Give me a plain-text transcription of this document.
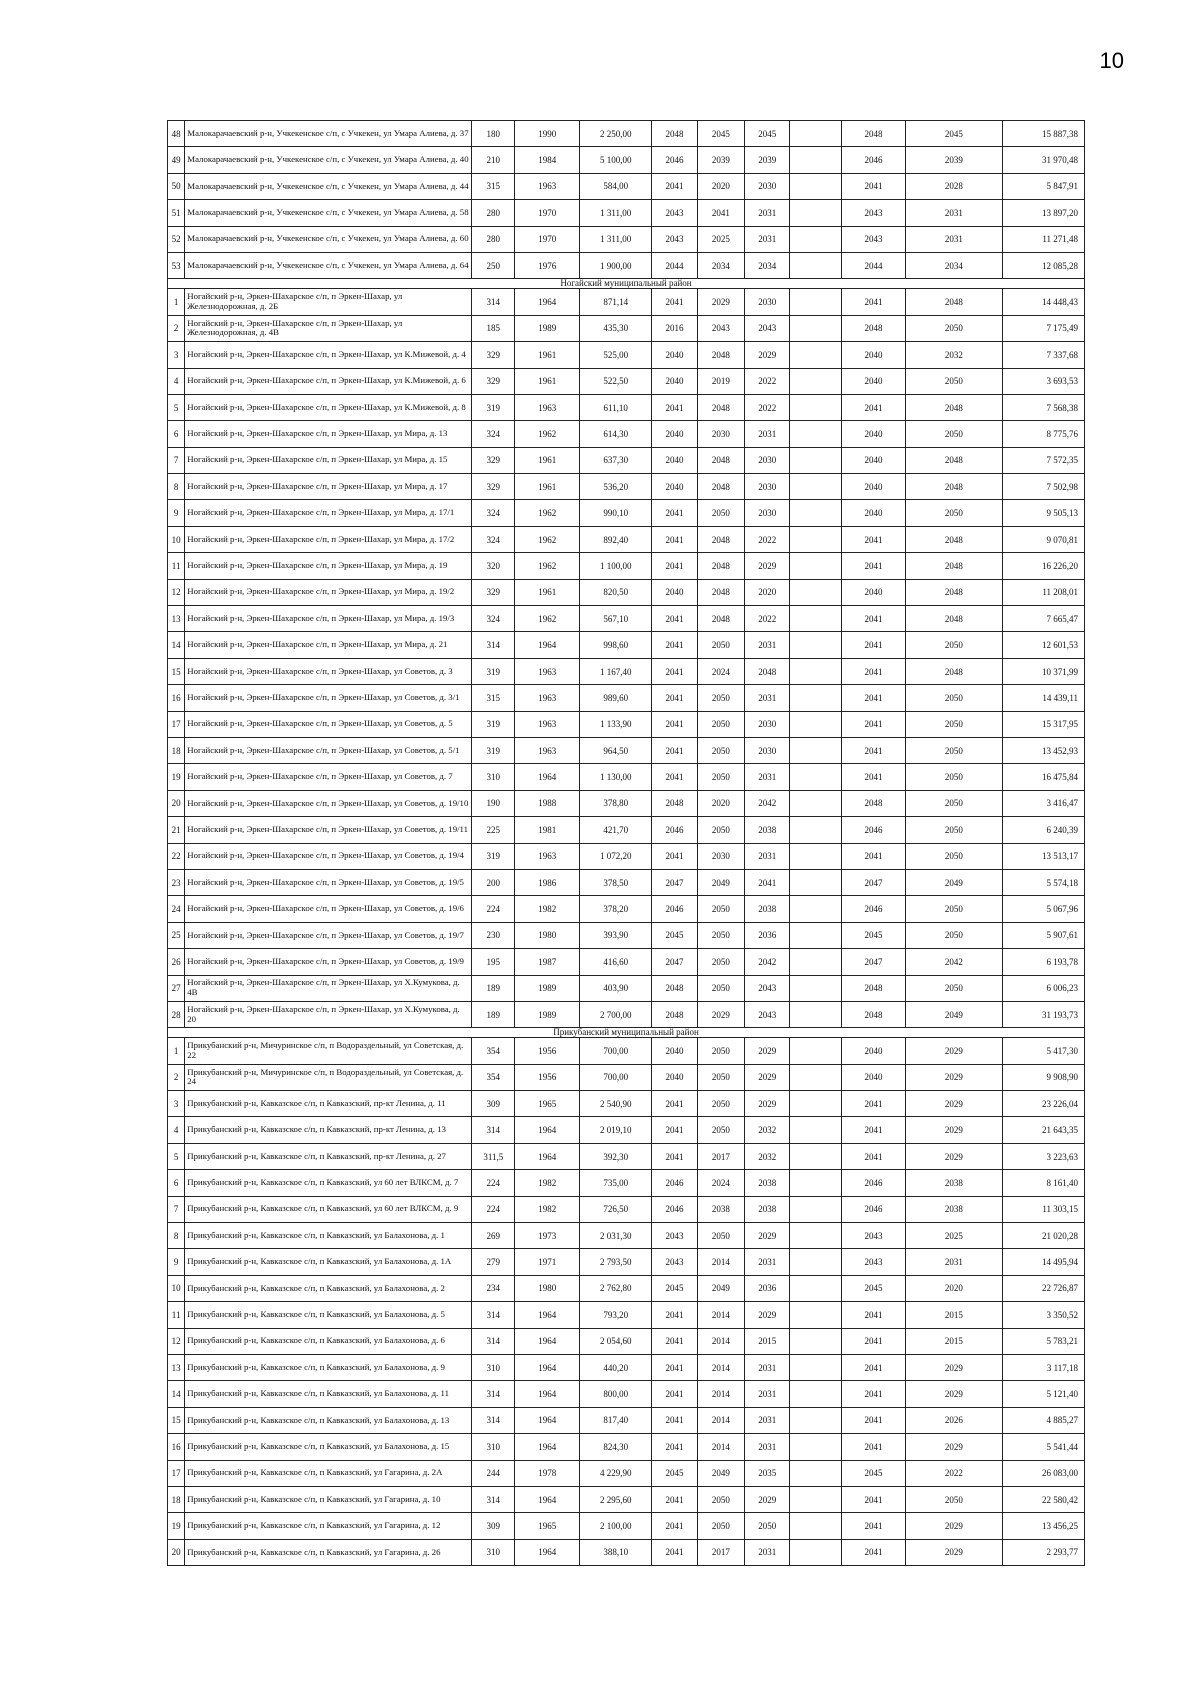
10
48	Малокарачаевский р-н, Учкекенское с/п, с Учкекен, ул Умара Алиева, д. 37	180	1990	2 250,00	2048	2045	2045		2048	2045	15 887,38
49	Малокарачаевский р-н, Учкекенское с/п, с Учкекен, ул Умара Алиева, д. 40	210	1984	5 100,00	2046	2039	2039		2046	2039	31 970,48
50	Малокарачаевский р-н, Учкекенское с/п, с Учкекен, ул Умара Алиева, д. 44	315	1963	584,00	2041	2020	2030		2041	2028	5 847,91
51	Малокарачаевский р-н, Учкекенское с/п, с Учкекен, ул Умара Алиева, д. 58	280	1970	1 311,00	2043	2041	2031		2043	2031	13 897,20
52	Малокарачаевский р-н, Учкекенское с/п, с Учкекен, ул Умара Алиева, д. 60	280	1970	1 311,00	2043	2025	2031		2043	2031	11 271,48
53	Малокарачаевский р-н, Учкекенское с/п, с Учкекен, ул Умара Алиева, д. 64	250	1976	1 900,00	2044	2034	2034		2044	2034	12 085,28
Ногайский муниципальный район											
1	Ногайский р-н, Эркен-Шахарское с/п, п Эркен-Шахар, ул Железнодорожная, д. 2Б	314	1964	871,14	2041	2029	2030		2041	2048	14 448,43
2	Ногайский р-н, Эркен-Шахарское с/п, п Эркен-Шахар, ул Железнодорожная, д. 4В	185	1989	435,30	2016	2043	2043		2048	2050	7 175,49
3	Ногайский р-н, Эркен-Шахарское с/п, п Эркен-Шахар, ул К.Мижевой, д. 4	329	1961	525,00	2040	2048	2029		2040	2032	7 337,68
4	Ногайский р-н, Эркен-Шахарское с/п, п Эркен-Шахар, ул К.Мижевой, д. 6	329	1961	522,50	2040	2019	2022		2040	2050	3 693,53
5	Ногайский р-н, Эркен-Шахарское с/п, п Эркен-Шахар, ул К.Мижевой, д. 8	319	1963	611,10	2041	2048	2022		2041	2048	7 568,38
6	Ногайский р-н, Эркен-Шахарское с/п, п Эркен-Шахар, ул Мира, д. 13	324	1962	614,30	2040	2030	2031		2040	2050	8 775,76
7	Ногайский р-н, Эркен-Шахарское с/п, п Эркен-Шахар, ул Мира, д. 15	329	1961	637,30	2040	2048	2030		2040	2048	7 572,35
8	Ногайский р-н, Эркен-Шахарское с/п, п Эркен-Шахар, ул Мира, д. 17	329	1961	536,20	2040	2048	2030		2040	2048	7 502,98
9	Ногайский р-н, Эркен-Шахарское с/п, п Эркен-Шахар, ул Мира, д. 17/1	324	1962	990,10	2041	2050	2030		2040	2050	9 505,13
10	Ногайский р-н, Эркен-Шахарское с/п, п Эркен-Шахар, ул Мира, д. 17/2	324	1962	892,40	2041	2048	2022		2041	2048	9 070,81
11	Ногайский р-н, Эркен-Шахарское с/п, п Эркен-Шахар, ул Мира, д. 19	320	1962	1 100,00	2041	2048	2029		2041	2048	16 226,20
12	Ногайский р-н, Эркен-Шахарское с/п, п Эркен-Шахар, ул Мира, д. 19/2	329	1961	820,50	2040	2048	2020		2040	2048	11 208,01
13	Ногайский р-н, Эркен-Шахарское с/п, п Эркен-Шахар, ул Мира, д. 19/3	324	1962	567,10	2041	2048	2022		2041	2048	7 665,47
14	Ногайский р-н, Эркен-Шахарское с/п, п Эркен-Шахар, ул Мира, д. 21	314	1964	998,60	2041	2050	2031		2041	2050	12 601,53
15	Ногайский р-н, Эркен-Шахарское с/п, п Эркен-Шахар, ул Советов, д. 3	319	1963	1 167,40	2041	2024	2048		2041	2048	10 371,99
16	Ногайский р-н, Эркен-Шахарское с/п, п Эркен-Шахар, ул Советов, д. 3/1	315	1963	989,60	2041	2050	2031		2041	2050	14 439,11
17	Ногайский р-н, Эркен-Шахарское с/п, п Эркен-Шахар, ул Советов, д. 5	319	1963	1 133,90	2041	2050	2030		2041	2050	15 317,95
18	Ногайский р-н, Эркен-Шахарское с/п, п Эркен-Шахар, ул Советов, д. 5/1	319	1963	964,50	2041	2050	2030		2041	2050	13 452,93
19	Ногайский р-н, Эркен-Шахарское с/п, п Эркен-Шахар, ул Советов, д. 7	310	1964	1 130,00	2041	2050	2031		2041	2050	16 475,84
20	Ногайский р-н, Эркен-Шахарское с/п, п Эркен-Шахар, ул Советов, д. 19/10	190	1988	378,80	2048	2020	2042		2048	2050	3 416,47
21	Ногайский р-н, Эркен-Шахарское с/п, п Эркен-Шахар, ул Советов, д. 19/11	225	1981	421,70	2046	2050	2038		2046	2050	6 240,39
22	Ногайский р-н, Эркен-Шахарское с/п, п Эркен-Шахар, ул Советов, д. 19/4	319	1963	1 072,20	2041	2030	2031		2041	2050	13 513,17
23	Ногайский р-н, Эркен-Шахарское с/п, п Эркен-Шахар, ул Советов, д. 19/5	200	1986	378,50	2047	2049	2041		2047	2049	5 574,18
24	Ногайский р-н, Эркен-Шахарское с/п, п Эркен-Шахар, ул Советов, д. 19/6	224	1982	378,20	2046	2050	2038		2046	2050	5 067,96
25	Ногайский р-н, Эркен-Шахарское с/п, п Эркен-Шахар, ул Советов, д. 19/7	230	1980	393,90	2045	2050	2036		2045	2050	5 907,61
26	Ногайский р-н, Эркен-Шахарское с/п, п Эркен-Шахар, ул Советов, д. 19/9	195	1987	416,60	2047	2050	2042		2047	2042	6 193,78
27	Ногайский р-н, Эркен-Шахарское с/п, п Эркен-Шахар, ул Х.Кумукова, д. 4В	189	1989	403,90	2048	2050	2043		2048	2050	6 006,23
28	Ногайский р-н, Эркен-Шахарское с/п, п Эркен-Шахар, ул Х.Кумукова, д. 20	189	1989	2 700,00	2048	2029	2043		2048	2049	31 193,73
Прикубанский муниципальный район											
1	Прикубанский р-н, Мичуринское с/п, п Водораздельный, ул Советская, д. 22	354	1956	700,00	2040	2050	2029		2040	2029	5 417,30
2	Прикубанский р-н, Мичуринское с/п, п Водораздельный, ул Советская, д. 24	354	1956	700,00	2040	2050	2029		2040	2029	9 908,90
3	Прикубанский р-н, Кавказское с/п, п Кавказский, пр-кт Ленина, д. 11	309	1965	2 540,90	2041	2050	2029		2041	2029	23 226,04
4	Прикубанский р-н, Кавказское с/п, п Кавказский, пр-кт Ленина, д. 13	314	1964	2 019,10	2041	2050	2032		2041	2029	21 643,35
5	Прикубанский р-н, Кавказское с/п, п Кавказский, пр-кт Ленина, д. 27	311,5	1964	392,30	2041	2017	2032		2041	2029	3 223,63
6	Прикубанский р-н, Кавказское с/п, п Кавказский, ул 60 лет ВЛКСМ, д. 7	224	1982	735,00	2046	2024	2038		2046	2038	8 161,40
7	Прикубанский р-н, Кавказское с/п, п Кавказский, ул 60 лет ВЛКСМ, д. 9	224	1982	726,50	2046	2038	2038		2046	2038	11 303,15
8	Прикубанский р-н, Кавказское с/п, п Кавказский, ул Балахонова, д. 1	269	1973	2 031,30	2043	2050	2029		2043	2025	21 020,28
9	Прикубанский р-н, Кавказское с/п, п Кавказский, ул Балахонова, д. 1А	279	1971	2 793,50	2043	2014	2031		2043	2031	14 495,94
10	Прикубанский р-н, Кавказское с/п, п Кавказский, ул Балахонова, д. 2	234	1980	2 762,80	2045	2049	2036		2045	2020	22 726,87
11	Прикубанский р-н, Кавказское с/п, п Кавказский, ул Балахонова, д. 5	314	1964	793,20	2041	2014	2029		2041	2015	3 350,52
12	Прикубанский р-н, Кавказское с/п, п Кавказский, ул Балахонова, д. 6	314	1964	2 054,60	2041	2014	2015		2041	2015	5 783,21
13	Прикубанский р-н, Кавказское с/п, п Кавказский, ул Балахонова, д. 9	310	1964	440,20	2041	2014	2031		2041	2029	3 117,18
14	Прикубанский р-н, Кавказское с/п, п Кавказский, ул Балахонова, д. 11	314	1964	800,00	2041	2014	2031		2041	2029	5 121,40
15	Прикубанский р-н, Кавказское с/п, п Кавказский, ул Балахонова, д. 13	314	1964	817,40	2041	2014	2031		2041	2026	4 885,27
16	Прикубанский р-н, Кавказское с/п, п Кавказский, ул Балахонова, д. 15	310	1964	824,30	2041	2014	2031		2041	2029	5 541,44
17	Прикубанский р-н, Кавказское с/п, п Кавказский, ул Гагарина, д. 2А	244	1978	4 229,90	2045	2049	2035		2045	2022	26 083,00
18	Прикубанский р-н, Кавказское с/п, п Кавказский, ул Гагарина, д. 10	314	1964	2 295,60	2041	2050	2029		2041	2050	22 580,42
19	Прикубанский р-н, Кавказское с/п, п Кавказский, ул Гагарина, д. 12	309	1965	2 100,00	2041	2050	2050		2041	2029	13 456,25
20	Прикубанский р-н, Кавказское с/п, п Кавказский, ул Гагарина, д. 26	310	1964	388,10	2041	2017	2031		2041	2029	2 293,77
